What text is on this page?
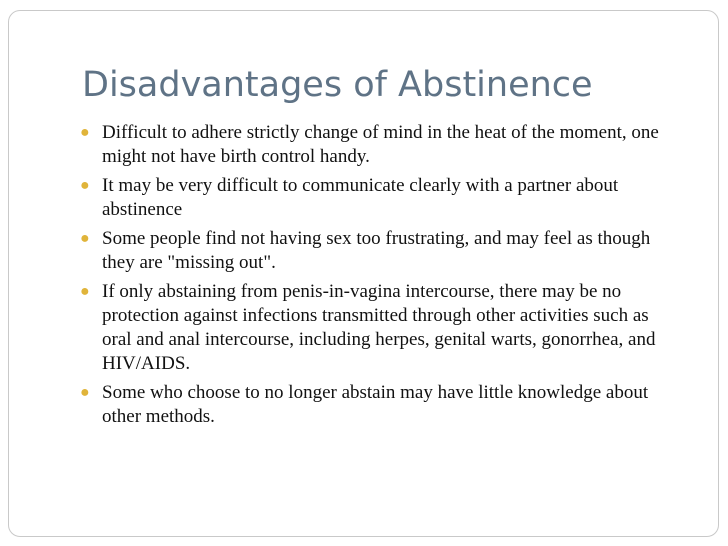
Disadvantages of Abstinence
● Difficult to adhere strictly change of mind in the heat of the moment, one might not have birth control handy.
● It may be very difficult to communicate clearly with a partner about abstinence
● Some people find not having sex too frustrating, and may feel as though they are "missing out".
● If only abstaining from penis-in-vagina intercourse, there may be no protection against infections transmitted through other activities such as oral and anal intercourse, including herpes, genital warts, gonorrhea, and HIV/AIDS.
● Some who choose to no longer abstain may have little knowledge about other methods.
